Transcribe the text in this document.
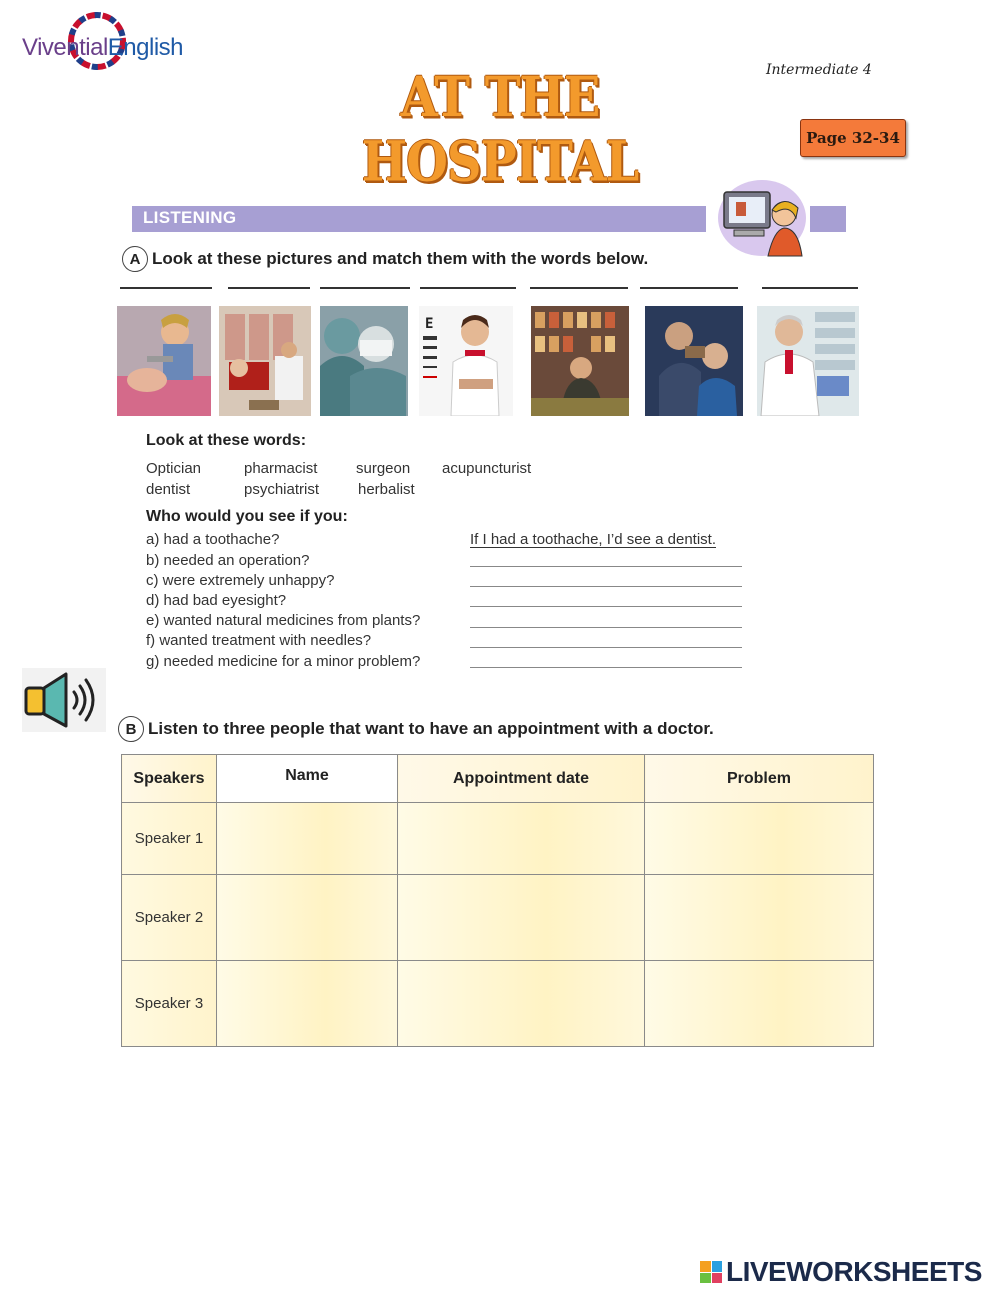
ViventialEnglish
AT THE HOSPITAL
Intermediate 4
Page 32-34
LISTENING
A Look at these pictures and match them with the words below.
E
Look at these words:
Optician	pharmacist	surgeon acupuncturist
dentist	psychiatrist	herbalist
Who would you see if you:
a) had a toothache?
b) needed an operation?
c) were extremely unhappy?
d) had bad eyesight?
e) wanted natural medicines from plants?
f) wanted treatment with needles?
g) needed medicine for a minor problem?
If I had a toothache, I’d see a dentist.
B Listen to three people that want to have an appointment with a doctor.
Speakers	Name	Appointment date	Problem
Speaker 1			
Speaker 2			
Speaker 3			
LIVEWORKSHEETS
